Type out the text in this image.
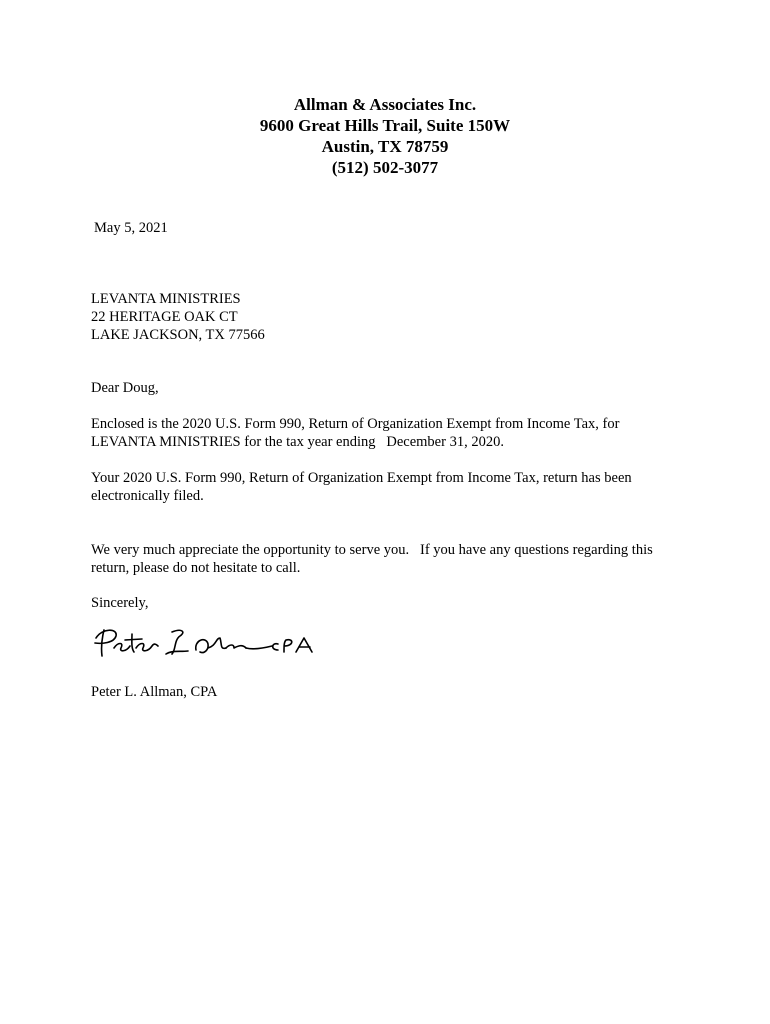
Allman & Associates Inc.
9600 Great Hills Trail, Suite 150W
Austin, TX 78759
(512) 502-3077
May 5, 2021
LEVANTA MINISTRIES
22 HERITAGE OAK CT
LAKE JACKSON, TX 77566
Dear Doug,
Enclosed is the 2020 U.S. Form 990, Return of Organization Exempt from Income Tax, for
LEVANTA MINISTRIES for the tax year ending   December 31, 2020.
Your 2020 U.S. Form 990, Return of Organization Exempt from Income Tax, return has been
electronically filed.
We very much appreciate the opportunity to serve you.   If you have any questions regarding this
return, please do not hesitate to call.
Sincerely,
Peter L. Allman, CPA
